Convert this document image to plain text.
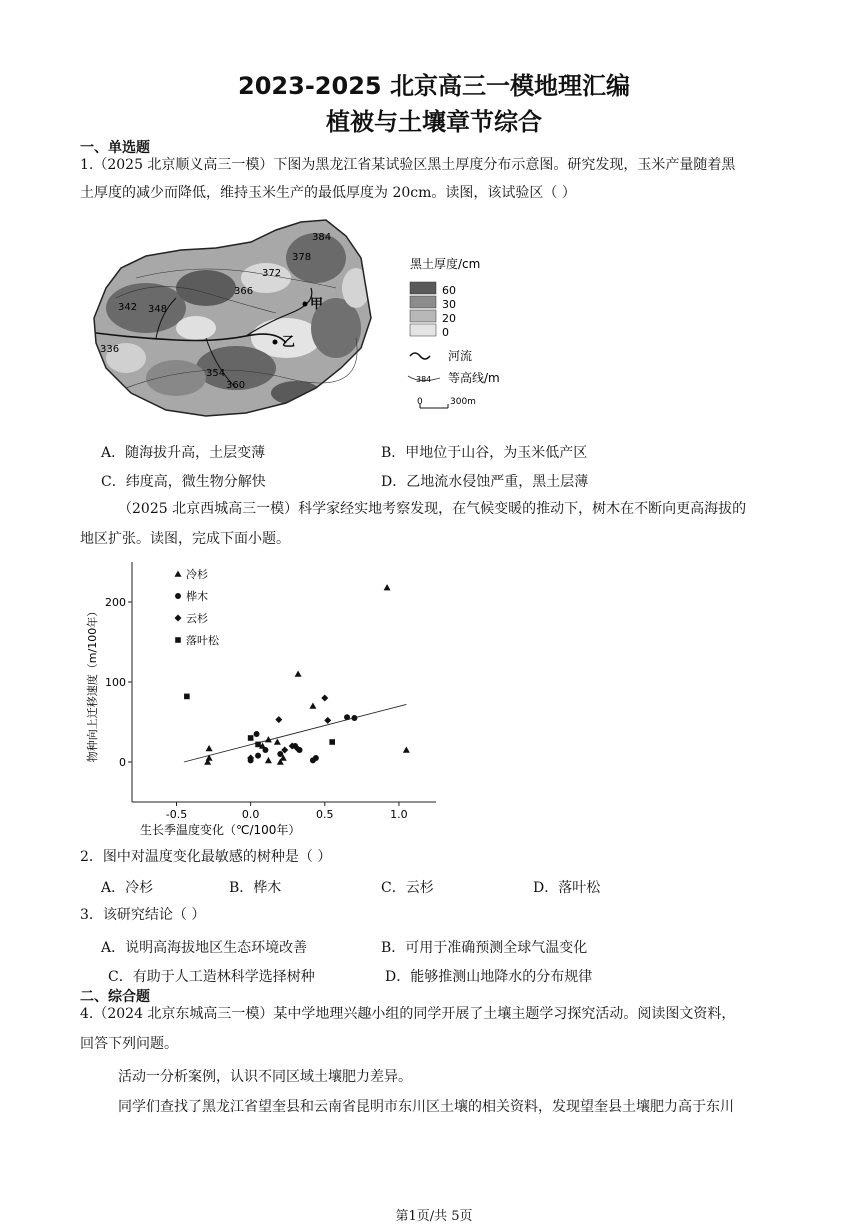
2023-2025 北京高三一模地理汇编
植被与土壤章节综合
一、单选题
1.（2025 北京顺义高三一模）下图为黑龙江省某试验区黑土厚度分布示意图。研究发现，玉米产量随着黑
土厚度的减少而降低，维持玉米生产的最低厚度为 20cm。读图，该试验区（ ）
384
378
372
366
348
342
336
354
360
甲
乙
黑土厚度/cm
60
30
20
0
河流
384 等高线/m
0	300m
A．随海拔升高，土层变薄	B．甲地位于山谷，为玉米低产区
C．纬度高，微生物分解快	D．乙地流水侵蚀严重，黑土层薄
（2025 北京西城高三一模）科学家经实地考察发现，在气候变暖的推动下，树木在不断向更高海拔的
地区扩张。读图，完成下面小题。
-0.5	0.0	0.5	1.0
0
100
200
冷杉
桦木
云杉
落叶松
生长季温度变化（℃/100年）
物种向上迁移速度（m/100年）
2．图中对温度变化最敏感的树种是（ ）
A．冷杉	B．桦木	C．云杉	D．落叶松
3．该研究结论（ ）
A．说明高海拔地区生态环境改善	B．可用于准确预测全球气温变化
C．有助于人工造林科学选择树种	D．能够推测山地降水的分布规律
二、综合题
4.（2024 北京东城高三一模）某中学地理兴趣小组的同学开展了土壤主题学习探究活动。阅读图文资料，
回答下列问题。
活动一分析案例，认识不同区域土壤肥力差异。
同学们查找了黑龙江省望奎县和云南省昆明市东川区土壤的相关资料，发现望奎县土壤肥力高于东川
第1页/共 5页
